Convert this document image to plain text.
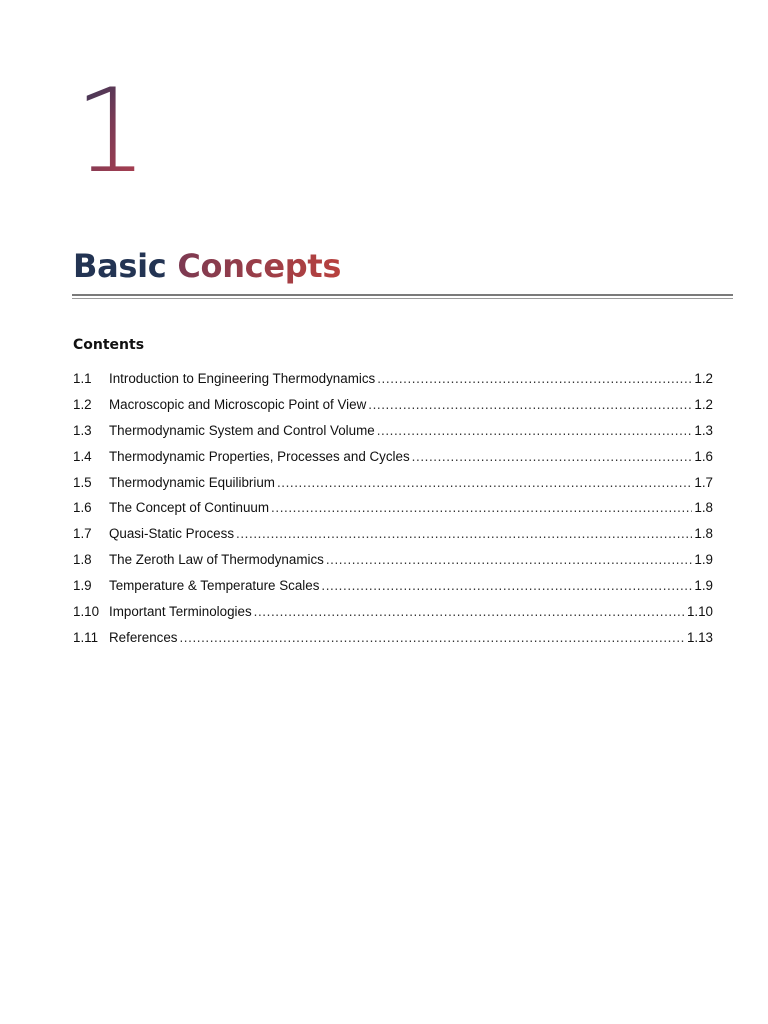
1
Basic Concepts
Contents
1.1	Introduction to Engineering Thermodynamics .....	1.2
1.2	Macroscopic and Microscopic Point of View .....	1.2
1.3	Thermodynamic System and Control Volume .....	1.3
1.4	Thermodynamic Properties, Processes and Cycles .....	1.6
1.5	Thermodynamic Equilibrium .....	1.7
1.6	The Concept of Continuum .....	1.8
1.7	Quasi-Static Process .....	1.8
1.8	The Zeroth Law of Thermodynamics .....	1.9
1.9	Temperature & Temperature Scales .....	1.9
1.10 Important Terminologies .....	1.10
1.11 References .....	1.13
